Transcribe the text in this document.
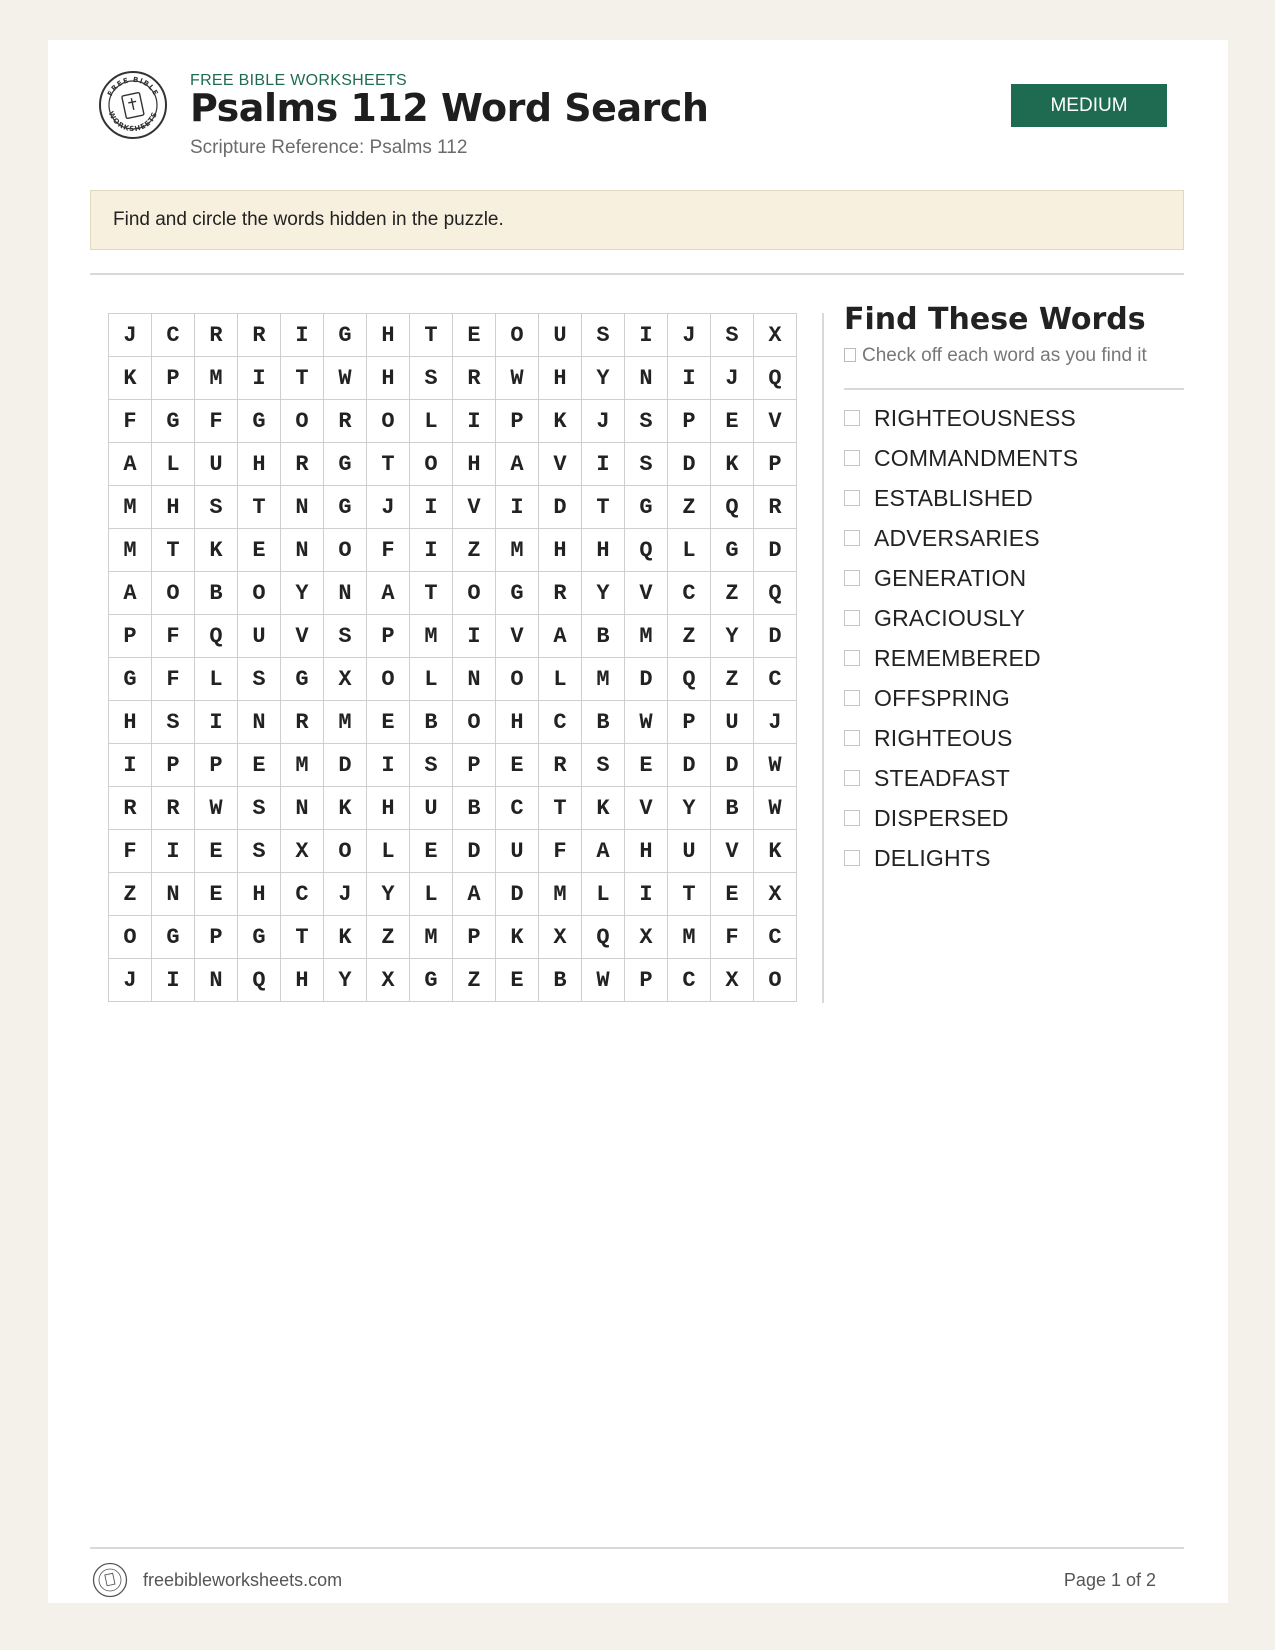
FREE BIBLE
WORKSHEETS
FREE BIBLE WORKSHEETS
Psalms 112 Word Search
Scripture Reference: Psalms 112
MEDIUM
Find and circle the words hidden in the puzzle.
J	C	R	R	I	G	H	T	E	O	U	S	I	J	S	X
K	P	M	I	T	W	H	S	R	W	H	Y	N	I	J	Q
F	G	F	G	O	R	O	L	I	P	K	J	S	P	E	V
A	L	U	H	R	G	T	O	H	A	V	I	S	D	K	P
M	H	S	T	N	G	J	I	V	I	D	T	G	Z	Q	R
M	T	K	E	N	O	F	I	Z	M	H	H	Q	L	G	D
A	O	B	O	Y	N	A	T	O	G	R	Y	V	C	Z	Q
P	F	Q	U	V	S	P	M	I	V	A	B	M	Z	Y	D
G	F	L	S	G	X	O	L	N	O	L	M	D	Q	Z	C
H	S	I	N	R	M	E	B	O	H	C	B	W	P	U	J
I	P	P	E	M	D	I	S	P	E	R	S	E	D	D	W
R	R	W	S	N	K	H	U	B	C	T	K	V	Y	B	W
F	I	E	S	X	O	L	E	D	U	F	A	H	U	V	K
Z	N	E	H	C	J	Y	L	A	D	M	L	I	T	E	X
O	G	P	G	T	K	Z	M	P	K	X	Q	X	M	F	C
J	I	N	Q	H	Y	X	G	Z	E	B	W	P	C	X	O
Find These Words
Check off each word as you find it
RIGHTEOUSNESS
COMMANDMENTS
ESTABLISHED
ADVERSARIES
GENERATION
GRACIOUSLY
REMEMBERED
OFFSPRING
RIGHTEOUS
STEADFAST
DISPERSED
DELIGHTS
freebibleworksheets.com	Page 1 of 2
